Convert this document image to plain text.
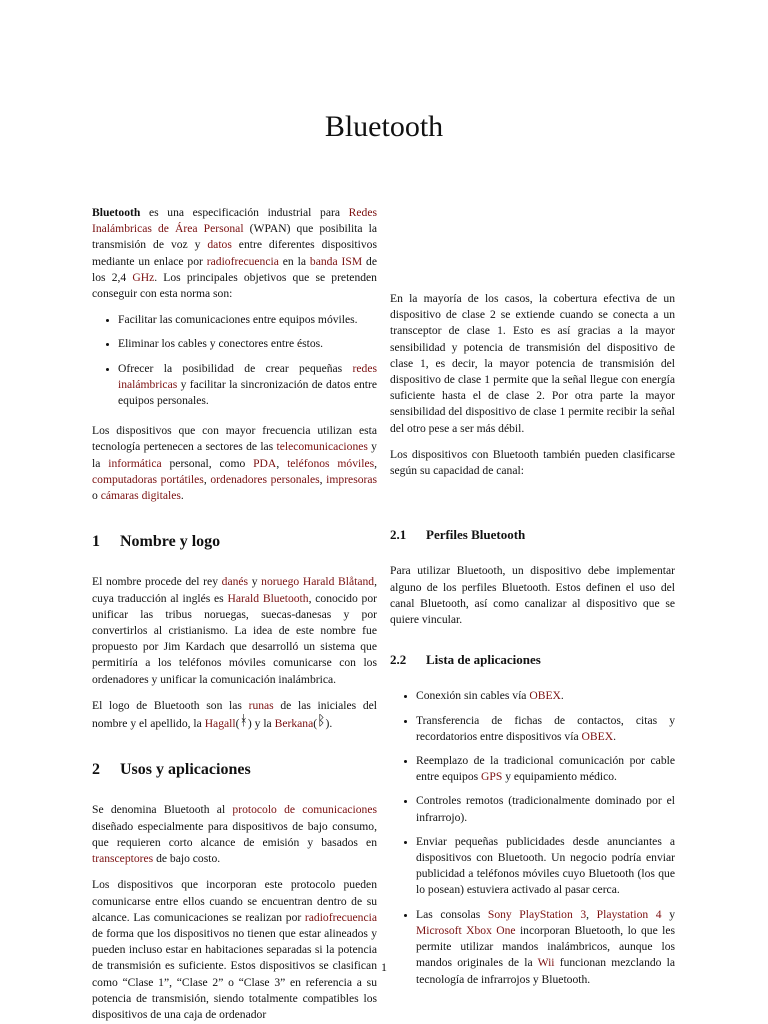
Bluetooth

Bluetooth es una especificación industrial para Redes Inalámbricas de Área Personal (WPAN) que posibilita la transmisión de voz y datos entre diferentes dispositivos mediante un enlace por radiofrecuencia en la banda ISM de los 2,4 GHz. Los principales objetivos que se pretenden conseguir con esta norma son:

• Facilitar las comunicaciones entre equipos móviles.
• Eliminar los cables y conectores entre éstos.
• Ofrecer la posibilidad de crear pequeñas redes inalámbricas y facilitar la sincronización de datos entre equipos personales.

Los dispositivos que con mayor frecuencia utilizan esta tecnología pertenecen a sectores de las telecomunicaciones y la informática personal, como PDA, teléfonos móviles, computadoras portátiles, ordenadores personales, impresoras o cámaras digitales.

1 Nombre y logo

El nombre procede del rey danés y noruego Harald Blåtand, cuya traducción al inglés es Harald Bluetooth, conocido por unificar las tribus noruegas, suecas-danesas y por convertirlos al cristianismo. La idea de este nombre fue propuesto por Jim Kardach que desarrolló un sistema que permitiría a los teléfonos móviles comunicarse con los ordenadores y unificar la comunicación inalámbrica.

El logo de Bluetooth son las runas de las iniciales del nombre y el apellido, la Hagall(ᚼ) y la Berkana(ᛒ).

2 Usos y aplicaciones

Se denomina Bluetooth al protocolo de comunicaciones diseñado especialmente para dispositivos de bajo consumo, que requieren corto alcance de emisión y basados en transceptores de bajo costo.

Los dispositivos que incorporan este protocolo pueden comunicarse entre ellos cuando se encuentran dentro de su alcance. Las comunicaciones se realizan por radiofrecuencia de forma que los dispositivos no tienen que estar alineados y pueden incluso estar en habitaciones separadas si la potencia de transmisión es suficiente. Estos dispositivos se clasifican como “Clase 1”, “Clase 2” o “Clase 3” en referencia a su potencia de transmisión, siendo totalmente compatibles los dispositivos de una caja de ordenador

En la mayoría de los casos, la cobertura efectiva de un dispositivo de clase 2 se extiende cuando se conecta a un transceptor de clase 1. Esto es así gracias a la mayor sensibilidad y potencia de transmisión del dispositivo de clase 1, es decir, la mayor potencia de transmisión del dispositivo de clase 1 permite que la señal llegue con energía suficiente hasta el de clase 2. Por otra parte la mayor sensibilidad del dispositivo de clase 1 permite recibir la señal del otro pese a ser más débil.

Los dispositivos con Bluetooth también pueden clasificarse según su capacidad de canal:

2.1 Perfiles Bluetooth

Para utilizar Bluetooth, un dispositivo debe implementar alguno de los perfiles Bluetooth. Estos definen el uso del canal Bluetooth, así como canalizar al dispositivo que se quiere vincular.

2.2 Lista de aplicaciones
• Conexión sin cables vía OBEX.
• Transferencia de fichas de contactos, citas y recordatorios entre dispositivos vía OBEX.
• Reemplazo de la tradicional comunicación por cable entre equipos GPS y equipamiento médico.
• Controles remotos (tradicionalmente dominado por el infrarrojo).
• Enviar pequeñas publicidades desde anunciantes a dispositivos con Bluetooth. Un negocio podría enviar publicidad a teléfonos móviles cuyo Bluetooth (los que lo posean) estuviera activado al pasar cerca.
• Las consolas Sony PlayStation 3, Playstation 4 y Microsoft Xbox One incorporan Bluetooth, lo que les permite utilizar mandos inalámbricos, aunque los mandos originales de la Wii funcionan mezclando la tecnología de infrarrojos y Bluetooth.
1
